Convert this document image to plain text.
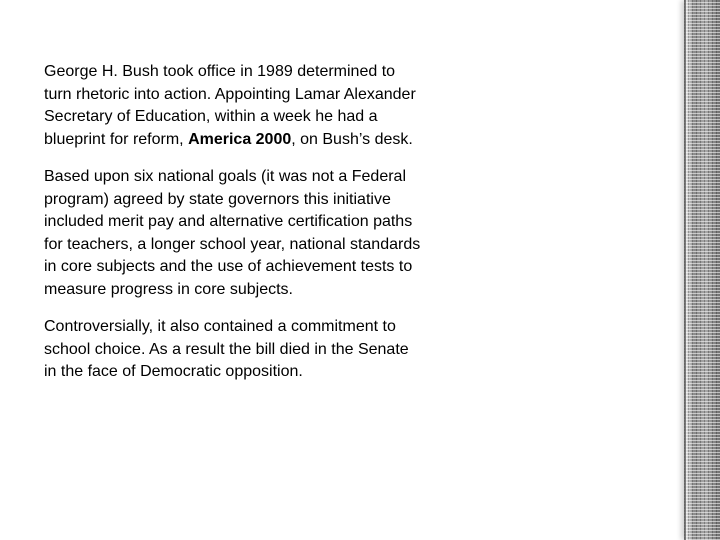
George H. Bush took office in 1989 determined to turn rhetoric into action. Appointing Lamar Alexander Secretary of Education, within a week he had a blueprint for reform, America 2000, on Bush’s desk.

Based upon six national goals (it was not a Federal program) agreed by state governors this initiative included merit pay and alternative certification paths for teachers, a longer school year, national standards in core subjects and the use of achievement tests to measure progress in core subjects.

Controversially, it also contained a commitment to school choice. As a result the bill died in the Senate in the face of Democratic opposition.
